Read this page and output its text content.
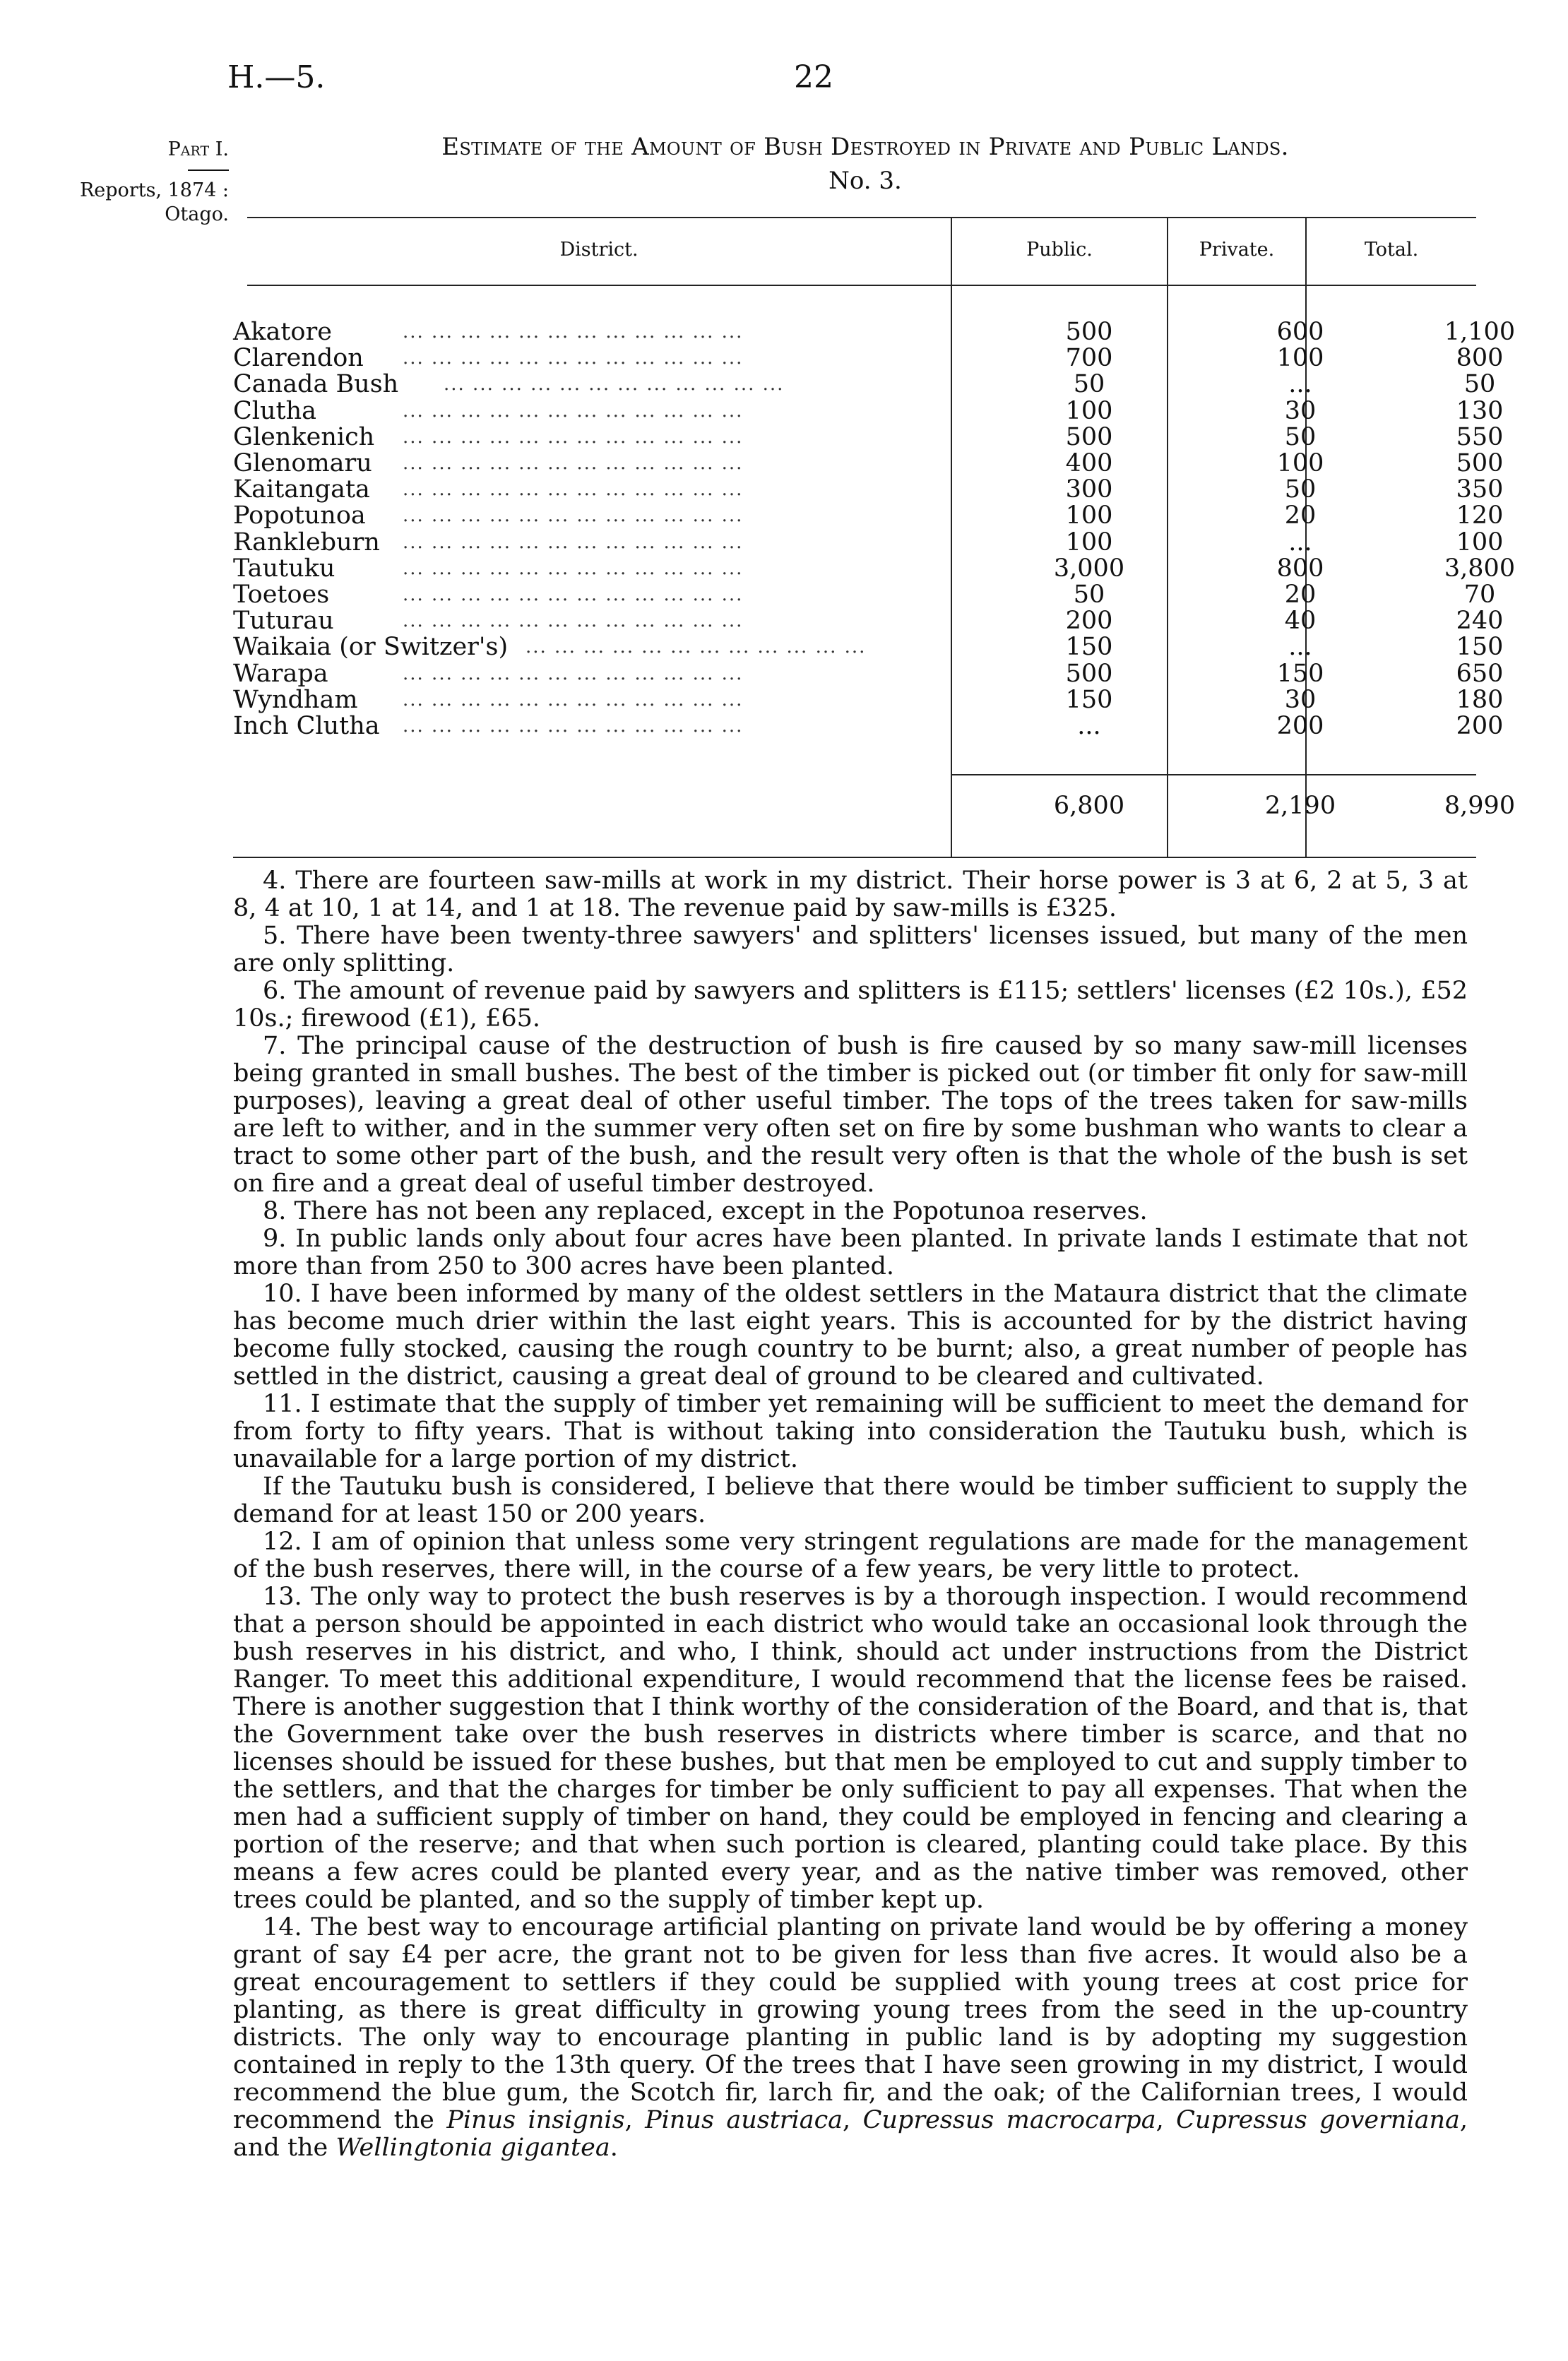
H.—5.	22
Part I.
Reports, 1874 :
Otago.
Estimate of the Amount of Bush Destroyed in Private and Public Lands.
No. 3.
District.	Public.	Private.	Total.
Akatore	... ... ... ... ... ... ... ... ... ... ... ...	500	600	1,100
Clarendon ... ... ... ... ... ... ... ... ... ... ... ...	700	100	800
Canada Bush ... ... ... ... ... ... ... ... ... ... ... ...	50	...	50
Clutha	... ... ... ... ... ... ... ... ... ... ... ...	100	30	130
Glenkenich ... ... ... ... ... ... ... ... ... ... ... ...	500	50	550
Glenomaru ... ... ... ... ... ... ... ... ... ... ... ...	400	100	500
Kaitangata ... ... ... ... ... ... ... ... ... ... ... ...	300	50	350
Popotunoa ... ... ... ... ... ... ... ... ... ... ... ...	100	20	120
Rankleburn ... ... ... ... ... ... ... ... ... ... ... ...	100	...	100
Tautuku	... ... ... ... ... ... ... ... ... ... ... ...	3,000	800	3,800
Toetoes	... ... ... ... ... ... ... ... ... ... ... ...	50	20	70
Tuturau	... ... ... ... ... ... ... ... ... ... ... ...	200	40	240
Waikaia (or Switzer's) ... ... ... ... ... ... ... ... ... ... ... ...	150	...	150
Warapa	... ... ... ... ... ... ... ... ... ... ... ...	500	150	650
Wyndham ... ... ... ... ... ... ... ... ... ... ... ...	150	30	180
Inch Clutha ... ... ... ... ... ... ... ... ... ... ... ...	...	200	200
6,800	2,190	8,990

4. There are fourteen saw-mills at work in my district. Their horse power is 3 at 6, 2 at 5, 3 at 8, 4 at 10, 1 at 14, and 1 at 18. The revenue paid by saw-mills is £325.

5. There have been twenty-three sawyers' and splitters' licenses issued, but many of the men are only splitting.

6. The amount of revenue paid by sawyers and splitters is £115; settlers' licenses (£2 10s.), £52 10s.; firewood (£1), £65.

7. The principal cause of the destruction of bush is fire caused by so many saw-mill licenses being granted in small bushes. The best of the timber is picked out (or timber fit only for saw-mill purposes), leaving a great deal of other useful timber. The tops of the trees taken for saw-mills are left to wither, and in the summer very often set on fire by some bushman who wants to clear a tract to some other part of the bush, and the result very often is that the whole of the bush is set on fire and a great deal of useful timber destroyed.

8. There has not been any replaced, except in the Popotunoa reserves.

9. In public lands only about four acres have been planted. In private lands I estimate that not more than from 250 to 300 acres have been planted.

10. I have been informed by many of the oldest settlers in the Mataura district that the climate has become much drier within the last eight years. This is accounted for by the district having become fully stocked, causing the rough country to be burnt; also, a great number of people has settled in the district, causing a great deal of ground to be cleared and cultivated.

11. I estimate that the supply of timber yet remaining will be sufficient to meet the demand for from forty to fifty years. That is without taking into consideration the Tautuku bush, which is unavailable for a large portion of my district.

If the Tautuku bush is considered, I believe that there would be timber sufficient to supply the demand for at least 150 or 200 years.

12. I am of opinion that unless some very stringent regulations are made for the management of the bush reserves, there will, in the course of a few years, be very little to protect.

13. The only way to protect the bush reserves is by a thorough inspection. I would recommend that a person should be appointed in each district who would take an occasional look through the bush reserves in his district, and who, I think, should act under instructions from the District Ranger. To meet this additional expenditure, I would recommend that the license fees be raised. There is another suggestion that I think worthy of the consideration of the Board, and that is, that the Government take over the bush reserves in districts where timber is scarce, and that no licenses should be issued for these bushes, but that men be employed to cut and supply timber to the settlers, and that the charges for timber be only sufficient to pay all expenses. That when the men had a sufficient supply of timber on hand, they could be employed in fencing and clearing a portion of the reserve; and that when such portion is cleared, planting could take place. By this means a few acres could be planted every year, and as the native timber was removed, other trees could be planted, and so the supply of timber kept up.

14. The best way to encourage artificial planting on private land would be by offering a money grant of say £4 per acre, the grant not to be given for less than five acres. It would also be a great encouragement to settlers if they could be supplied with young trees at cost price for planting, as there is great difficulty in growing young trees from the seed in the up-country districts. The only way to encourage planting in public land is by adopting my suggestion contained in reply to the 13th query. Of the trees that I have seen growing in my district, I would recommend the blue gum, the Scotch fir, larch fir, and the oak; of the Californian trees, I would recommend the Pinus insignis, Pinus austriaca, Cupressus macrocarpa, Cupressus governiana, and the Wellingtonia gigantea.
